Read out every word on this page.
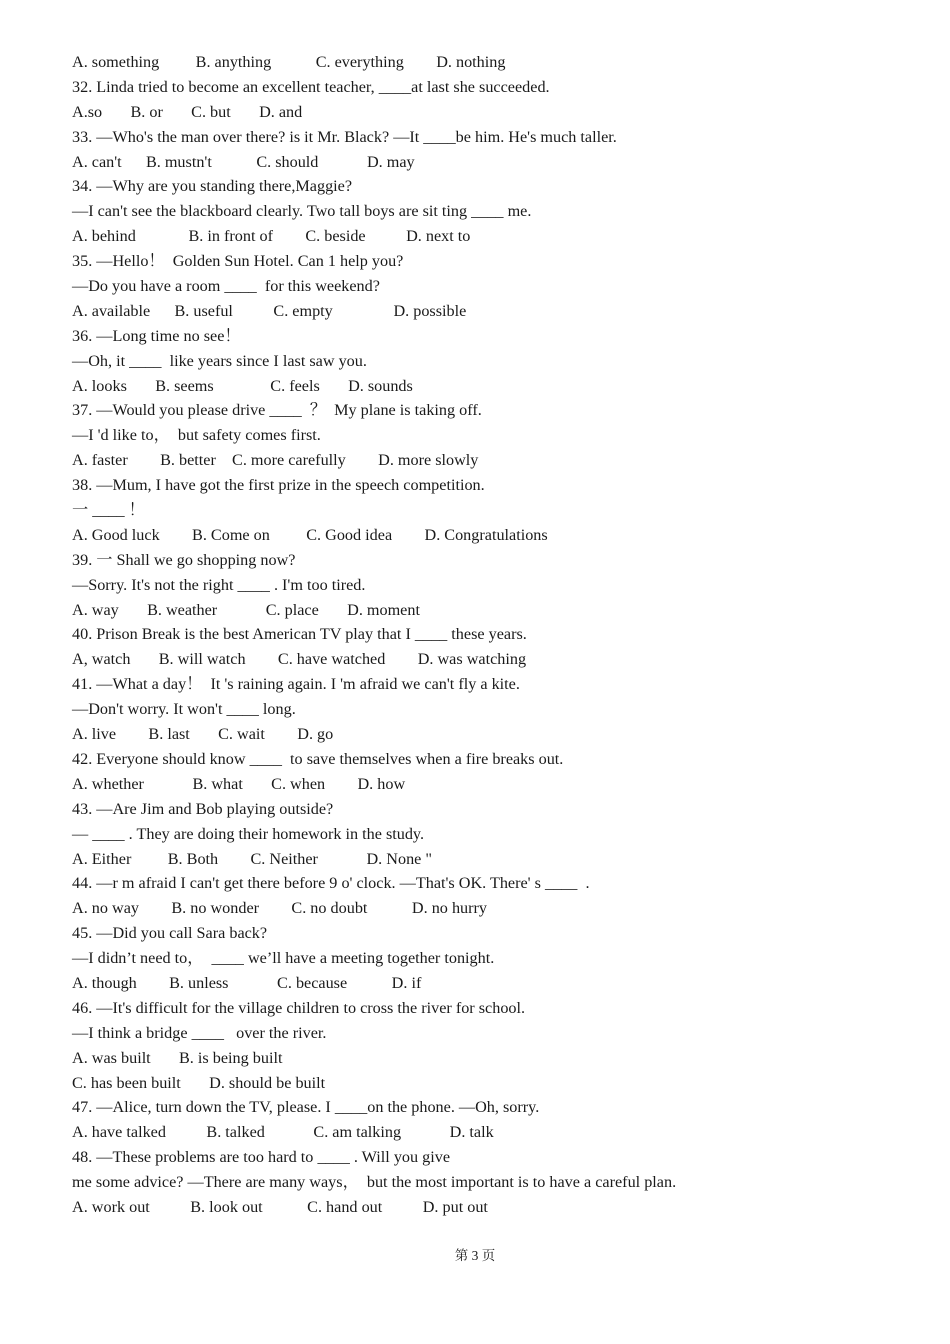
A. something         B. anything           C. everything        D. nothing
32. Linda tried to become an excellent teacher, ____at last she succeeded.
A.so       B. or       C. but       D. and
33. —Who's the man over there? is it Mr. Black? —It ____be him. He's much taller.
A. can't      B. mustn't           C. should            D. may
34. —Why are you standing there,Maggie?
—I can't see the blackboard clearly. Two tall boys are sit ting ____ me.
A. behind             B. in front of        C. beside          D. next to
35. —Hello！  Golden Sun Hotel. Can 1 help you?
—Do you have a room ____  for this weekend?
A. available      B. useful          C. empty               D. possible
36. —Long time no see！
—Oh, it ____  like years since I last saw you.
A. looks       B. seems              C. feels       D. sounds
37. —Would you please drive ____  ？  My plane is taking off.
—I 'd like to，  but safety comes first.
A. faster        B. better    C. more carefully        D. more slowly
38. —Mum, I have got the first prize in the speech competition.
一 ____ ！
A. Good luck        B. Come on         C. Good idea        D. Congratulations
39. 一 Shall we go shopping now?
—Sorry. It's not the right ____ . I'm too tired.
A. way       B. weather            C. place       D. moment
40. Prison Break is the best American TV play that I ____ these years.
A, watch       B. will watch        C. have watched        D. was watching
41. —What a day！  It 's raining again. I 'm afraid we can't fly a kite.
—Don't worry. It won't ____ long.
A. live        B. last       C. wait        D. go
42. Everyone should know ____  to save themselves when a fire breaks out.
A. whether            B. what       C. when        D. how
43. —Are Jim and Bob playing outside?
— ____ . They are doing their homework in the study.
A. Either         B. Both        C. Neither            D. None "
44. —r m afraid I can't get there before 9 o' clock. —That's OK. There' s ____  .
A. no way        B. no wonder        C. no doubt           D. no hurry
45. —Did you call Sara back?
—I didn’t need to，  ____ we’ll have a meeting together tonight.
A. though        B. unless            C. because           D. if
46. —It's difficult for the village children to cross the river for school.
—I think a bridge ____   over the river.
A. was built       B. is being built
C. has been built       D. should be built
47. —Alice, turn down the TV, please. I ____on the phone. —Oh, sorry.
A. have talked          B. talked            C. am talking            D. talk
48. —These problems are too hard to ____ . Will you give
me some advice? —There are many ways，  but the most important is to have a careful plan.
A. work out          B. look out           C. hand out          D. put out
第 3 页
